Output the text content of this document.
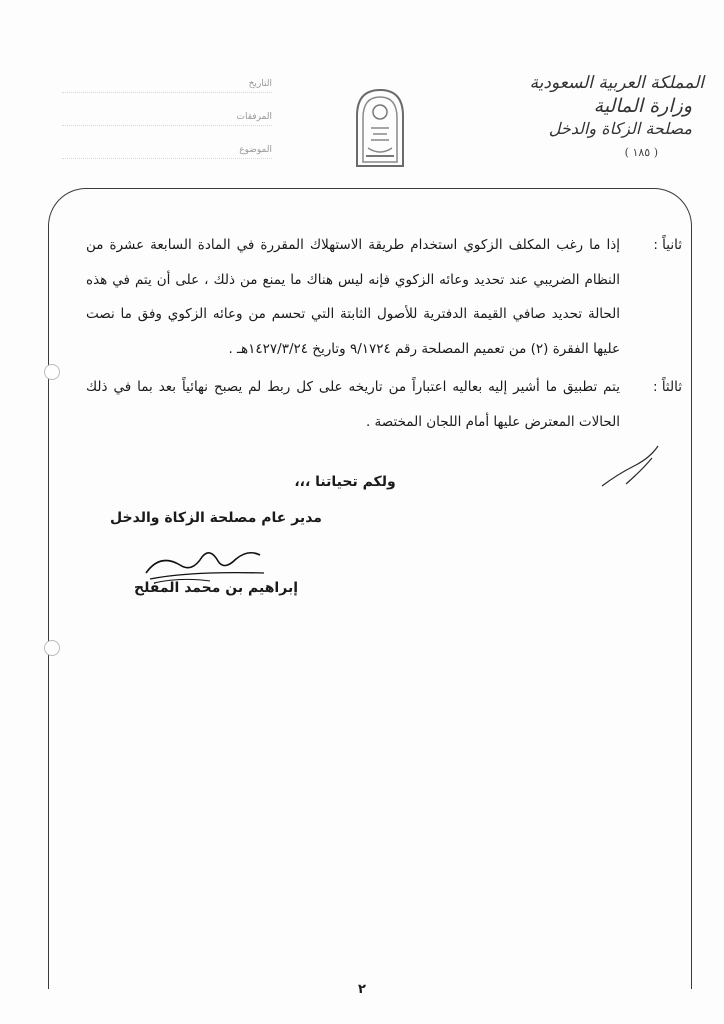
المملكة العربية السعودية
وزارة المالية
مصلحة الزكاة والدخل
( ١٨٥ )
التاريخ
المرفقات
الموضوع
ثانياً :
إذا ما رغب المكلف الزكوي استخدام طريقة الاستهلاك المقررة في المادة السابعة عشرة من النظام الضريبي عند تحديد وعائه الزكوي فإنه ليس هناك ما يمنع من ذلك ، على أن يتم في هذه الحالة تحديد صافي القيمة الدفترية للأصول الثابتة التي تحسم من وعائه الزكوي وفق ما نصت عليها الفقرة (٢) من تعميم المصلحة رقم ٩/١٧٢٤ وتاريخ ١٤٢٧/٣/٢٤هـ .
ثالثاً :
يتم تطبيق ما أشير إليه بعاليه اعتباراً من تاريخه على كل ربط لم يصبح نهائياً بعد بما في ذلك الحالات المعترض عليها أمام اللجان المختصة .
ولكم تحياتنا ،،،
مدير عام مصلحة الزكاة والدخل
إبراهيم بن محمد المفلح
٢
